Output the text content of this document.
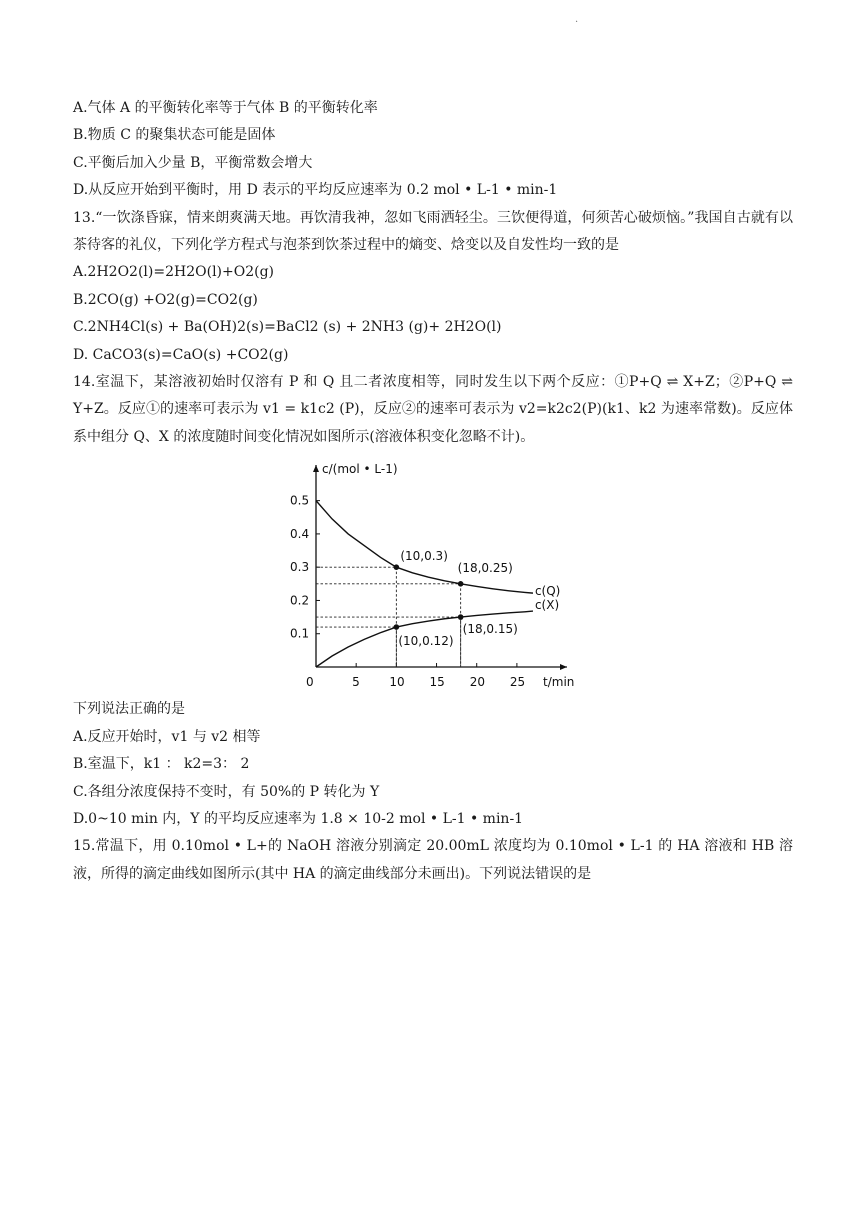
.
A.气体 A 的平衡转化率等于气体 B 的平衡转化率
B.物质 C 的聚集状态可能是固体
C.平衡后加入少量 B，平衡常数会增大
D.从反应开始到平衡时，用 D 表示的平均反应速率为 0.2 mol • L-1 • min-1
13.“一饮涤昏寐，情来朗爽满天地。再饮清我神，忽如飞雨洒轻尘。三饮便得道，何须苦心破烦恼。”我国自古就有以茶待客的礼仪，下列化学方程式与泡茶到饮茶过程中的熵变、焓变以及自发性均一致的是
A.2H2O2(l)=2H2O(l)+O2(g)
B.2CO(g) +O2(g)=CO2(g)
C.2NH4Cl(s) + Ba(OH)2(s)=BaCl2 (s) + 2NH3 (g)+ 2H2O(l)
D. CaCO3(s)=CaO(s) +CO2(g)
14.室温下，某溶液初始时仅溶有 P 和 Q 且二者浓度相等，同时发生以下两个反应：①P+Q ⇌ X+Z；②P+Q ⇌ Y+Z。反应①的速率可表示为 v1 = k1c2 (P)，反应②的速率可表示为 v2=k2c2(P)(k1、k2 为速率常数)。反应体系中组分 Q、X 的浓度随时间变化情况如图所示(溶液体积变化忽略不计)。
c/(mol • L-1)
t/min
0	5 10 15 20 25
0.1
0.2
0.3
0.4
0.5
c(Q)
c(X)
(10,0.3)
(18,0.25)
(10,0.12)
(18,0.15)
下列说法正确的是
A.反应开始时，v1 与 v2 相等
B.室温下，k1 ： k2=3： 2
C.各组分浓度保持不变时，有 50%的 P 转化为 Y
D.0~10 min 内，Y 的平均反应速率为 1.8 × 10-2 mol • L-1 • min-1
15.常温下，用 0.10mol • L+的 NaOH 溶液分别滴定 20.00mL 浓度均为 0.10mol • L-1 的 HA 溶液和 HB 溶液，所得的滴定曲线如图所示(其中 HA 的滴定曲线部分未画出)。下列说法错误的是
